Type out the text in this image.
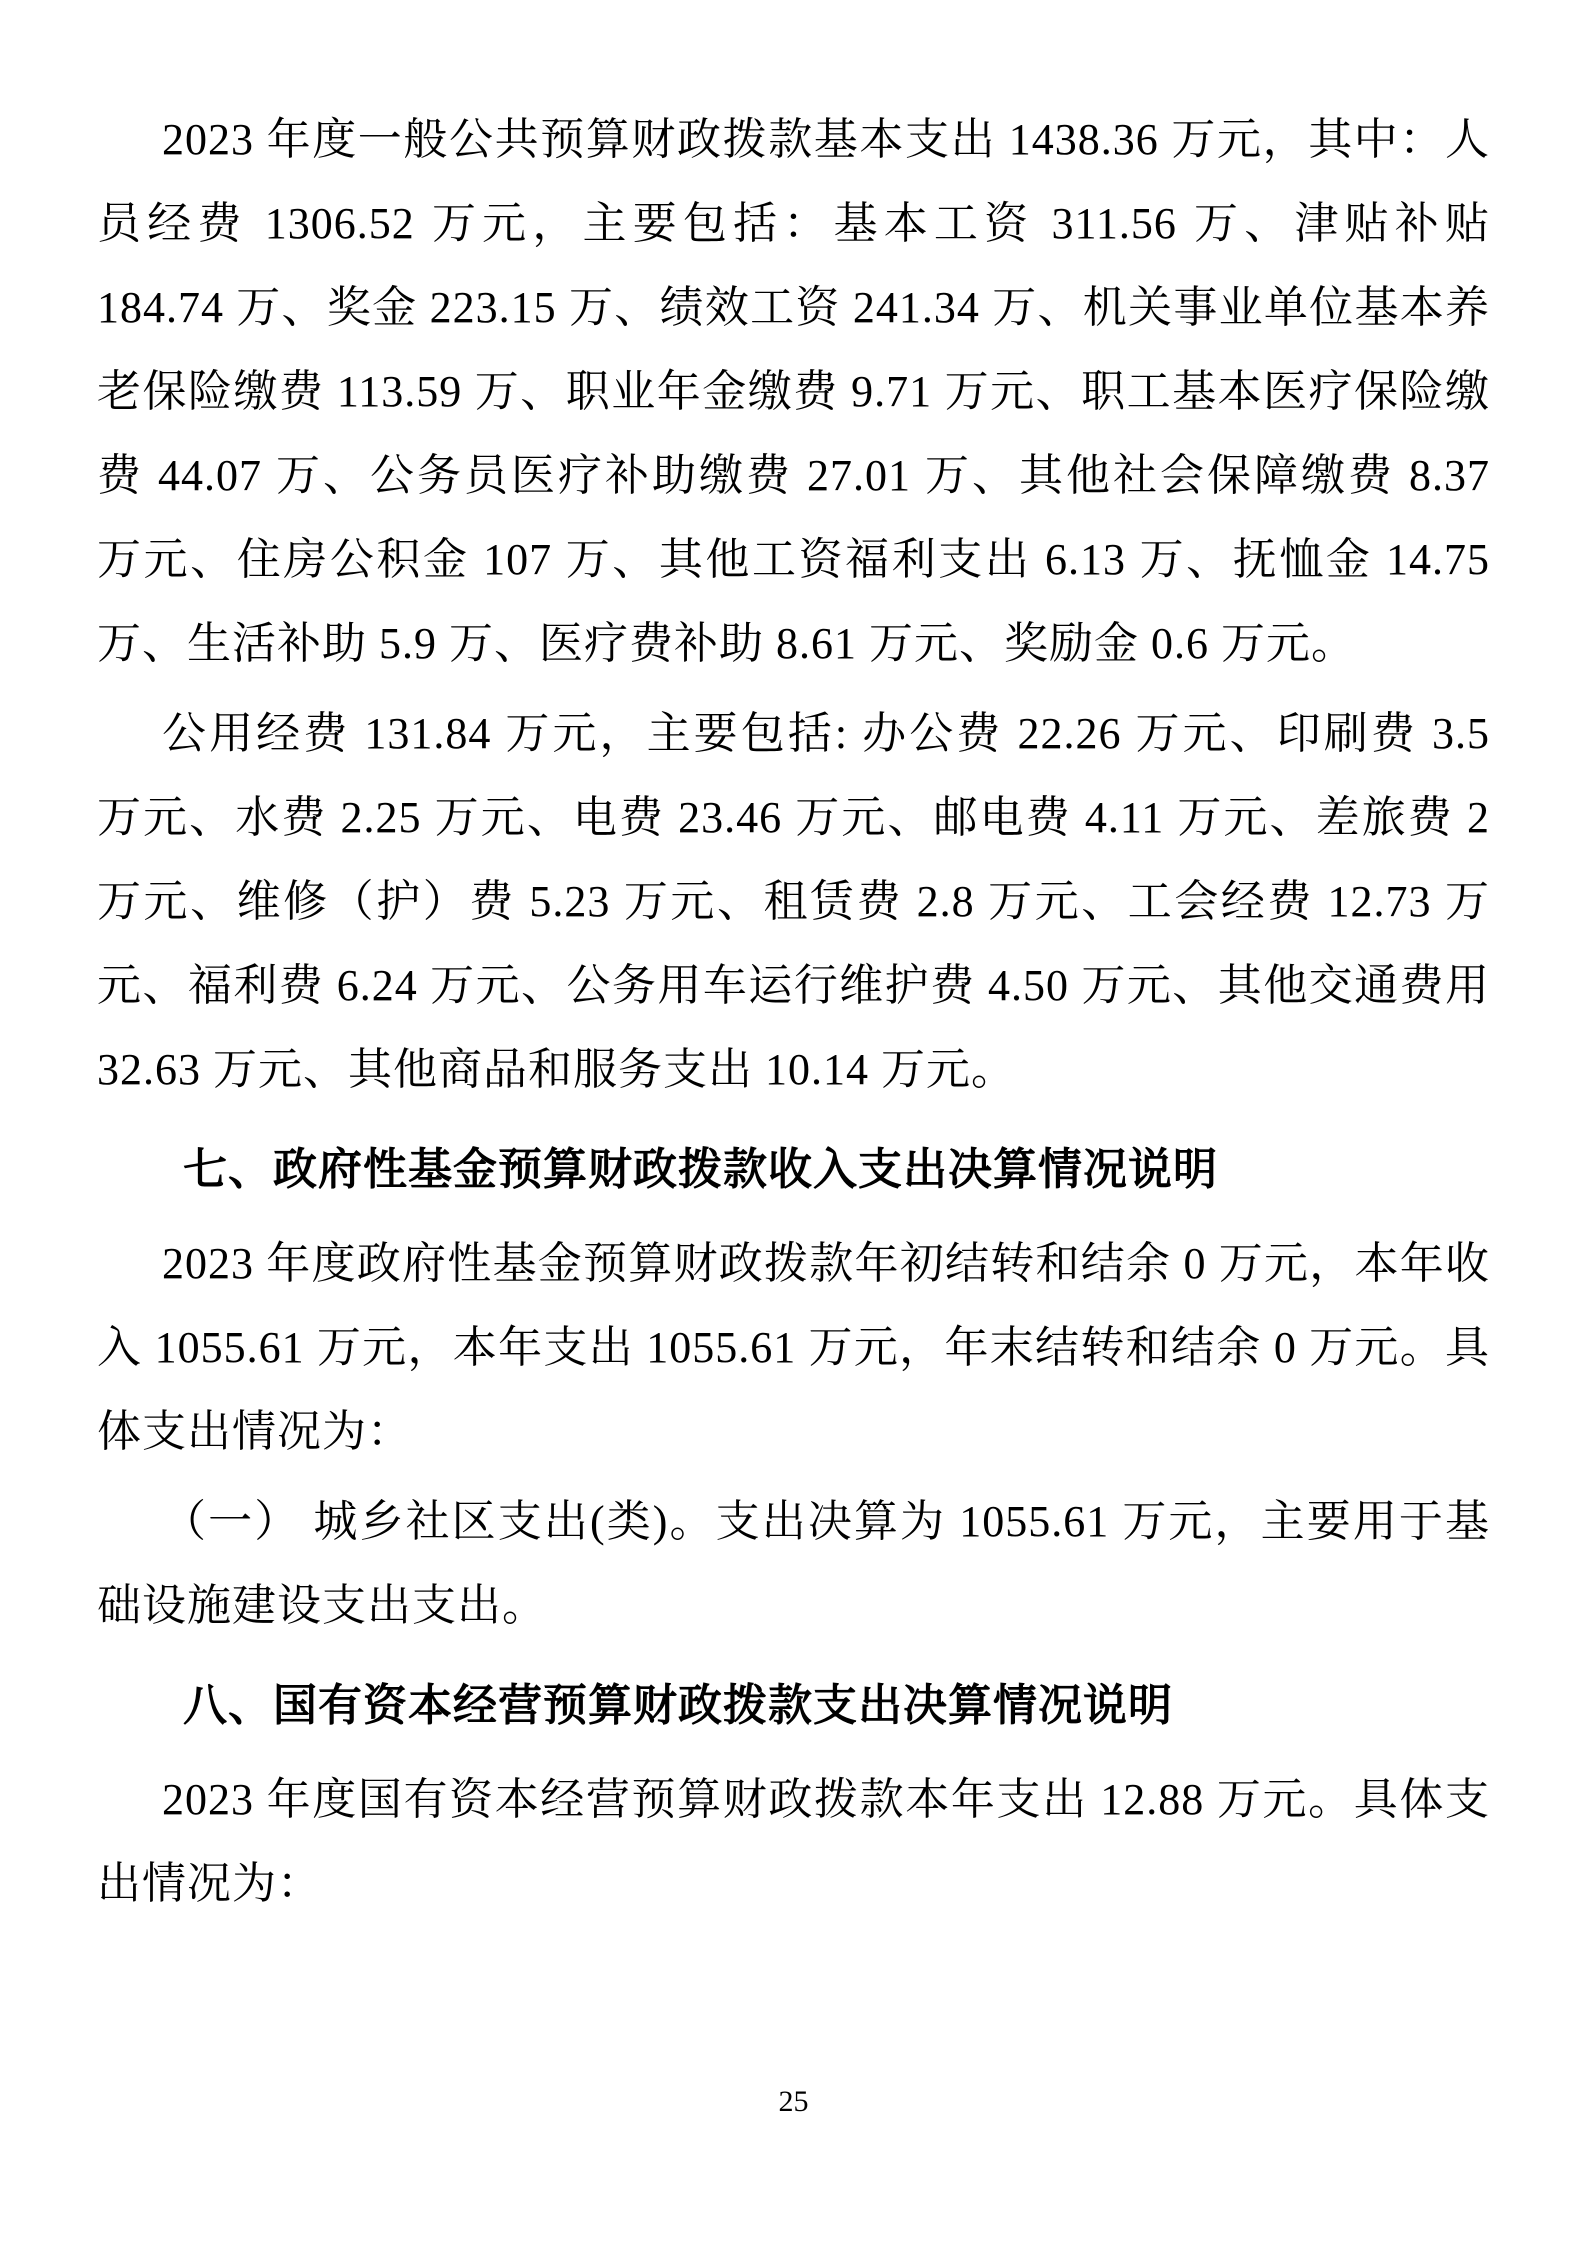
2023 年度一般公共预算财政拨款基本支出 1438.36 万元，其中：人员经费 1306.52 万元，主要包括：基本工资 311.56 万、津贴补贴 184.74 万、奖金 223.15 万、绩效工资 241.34 万、机关事业单位基本养老保险缴费 113.59 万、职业年金缴费 9.71 万元、职工基本医疗保险缴费 44.07 万、公务员医疗补助缴费 27.01 万、其他社会保障缴费 8.37 万元、住房公积金 107 万、其他工资福利支出 6.13 万、抚恤金 14.75 万、生活补助 5.9 万、医疗费补助 8.61 万元、奖励金 0.6 万元。

公用经费 131.84 万元，主要包括: 办公费 22.26 万元、印刷费 3.5 万元、水费 2.25 万元、电费 23.46 万元、邮电费 4.11 万元、差旅费 2 万元、维修（护）费 5.23 万元、租赁费 2.8 万元、工会经费 12.73 万元、福利费 6.24 万元、公务用车运行维护费 4.50 万元、其他交通费用 32.63 万元、其他商品和服务支出 10.14 万元。

七、政府性基金预算财政拨款收入支出决算情况说明

2023 年度政府性基金预算财政拨款年初结转和结余 0 万元，本年收入 1055.61 万元，本年支出 1055.61 万元，年末结转和结余 0 万元。具体支出情况为：

（一） 城乡社区支出(类)。支出决算为 1055.61 万元，主要用于基础设施建设支出支出。

八、国有资本经营预算财政拨款支出决算情况说明

2023 年度国有资本经营预算财政拨款本年支出 12.88 万元。具体支出情况为：

25
